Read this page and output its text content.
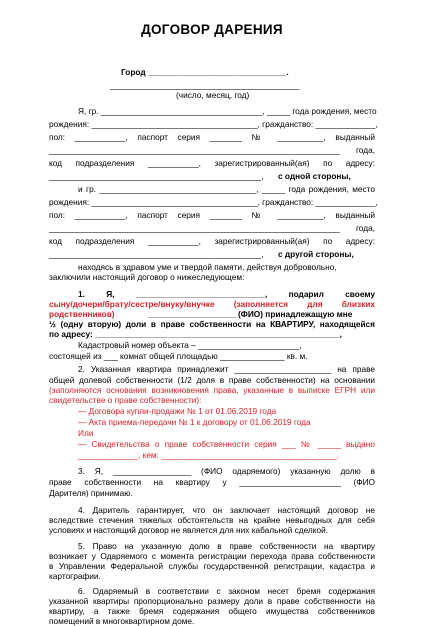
ДОГОВОР ДАРЕНИЯ
Город ______________________________.
_________________________________________
(число, месяц, год)
Я, гр. ___________________________________, _____ года рождения, место
рождения: ____________________________________, гражданство: _____________,
пол: ___________, паспорт серия _______ № __________, выданный
_______________________________________________________________ года,
код подразделения ___________, зарегистрированный(ая) по адресу:
______________________________________________, с одной стороны,
и гр. __________________________________, _____ года рождения, место
рождения: ____________________________________, гражданство: _____________,
пол: ___________, паспорт серия _______ № __________, выданный
_______________________________________________________________ года,
код подразделения ___________, зарегистрированный(ая) по адресу:
______________________________________________, с другой стороны,
находясь в здравом уме и твердой памяти, действуя добровольно,
заключили настоящий договор о нижеследующем:
1. Я, ____________________________, подарил своему
сыну/дочери/брату/сестре/внуку/внучке (заполняется для близких
родственников)	___________________ (ФИО) принадлежащую мне
½ (одну вторую) доли в праве собственности на КВАРТИРУ, находящейся
по адресу: _____________________________________________________,
Кадастровый номер объекта – ______________________,
состоящей из ___ комнат общей площадью ______________ кв. м.
2. Указанная квартира принадлежит _____________________ на праве
общей долевой собственности (1/2 доля в праве собственности) на основании
(заполняются основания возникновения права, указанные в выписке ЕГРН или
свидетельстве о праве собственности):
— Договора купли-продажи № 1 от 01.06.2019 года
— Акта приема-передачи № 1 к договору от 01.06.2019 года
Или
— Свидетельства о праве собственности серия ___ № _____ выдано
_____________, кем: ______________________________________.
3. Я, _________________ (ФИО одаряемого) указанную долю в
праве собственности на квартиру у ______________________ (ФИО
Дарителя) принимаю.
4. Даритель гарантирует, что он заключает настоящий договор не
вследствие стечения тяжелых обстоятельств на крайне невыгодных для себя
условиях и настоящий договор не является для них кабальной сделкой.
5. Право на указанную долю в праве собственности на квартиру
возникает у Одаряемого с момента регистрации перехода права собственности
в Управлении Федеральной службы государственной регистрации, кадастра и
картографии.
6. Одаряемый в соответствии с законом несет бремя содержания
указанной квартиры пропорционально размеру доли в праве собственности на
квартиру, а также бремя содержания общего имущества собственников
помещений в многоквартирном доме.
